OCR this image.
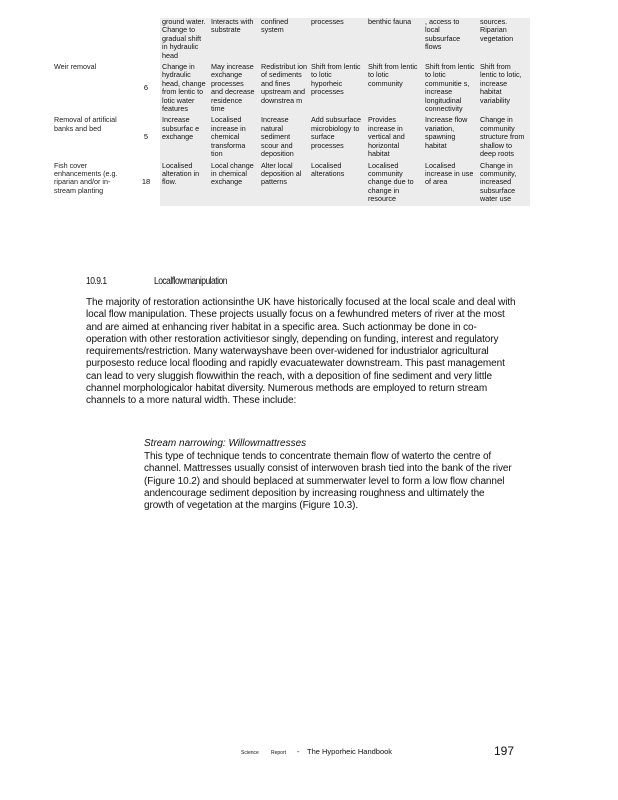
		ground water. Change to gradual shift in hydraulic head	Interacts with substrate	confined system	processes	benthic fauna	, access to local subsurface flows	sources. Riparian vegetation
Weir removal	6	Change in hydraulic head, change from lentic to lotic water features	May increase exchange processes and decrease residence time	Redistribut ion of sediments and fines upstream and downstrea m	Shift from lentic to lotic hyporheic processes	Shift from lentic to lotic community	Shift from lentic to lotic communitie s, increase longitudinal connectivity	Shift from lentic to lotic, increase habitat variability
Removal of artificial banks and bed	5	Increase subsurfac e exchange	Localised increase in chemical transforma tion	Increase natural sediment scour and deposition	Add subsurface microbiology to surface processes	Provides increase in vertical and horizontal habitat	Increase flow variation, spawning habitat	Change in community structure from shallow to deep roots
Fish cover enhancements (e.g. riparian and/or in-stream planting	18	Localised alteration in flow.	Local change in chemical exchange	Alter local deposition al patterns	Localised alterations	Localised community change due to change in resource	Localised increase in use of area	Change in community, increased subsurface water use
10.9.1	Localflowmanipulation
The majority of restoration actionsinthe UK have historically focused at the local scale and deal with local flow manipulation. These projects usually focus on a fewhundred meters of river at the most and are aimed at enhancing river habitat in a specific area. Such actionmay be done in co-operation with other restoration activitiesor singly, depending on funding, interest and regulatory requirements/restriction. Many waterwayshave been over-widened for industrialor agricultural purposesto reduce local flooding and rapidly evacuatewater downstream. This past management can lead to very sluggish flowwithin the reach, with a deposition of fine sediment and very little channel morphologicalor habitat diversity. Numerous methods are employed to return stream channels to a more natural width. These include:
Stream narrowing: Willowmattresses
This type of technique tends to concentrate themain flow of waterto the centre of channel. Mattresses usually consist of interwoven brash tied into the bank of the river (Figure 10.2) and should beplaced at summerwater level to form a low flow channel andencourage sediment deposition by increasing roughness and ultimately the growth of vegetation at the margins (Figure 10.3).
Science Report - The Hyporheic Handbook	197
